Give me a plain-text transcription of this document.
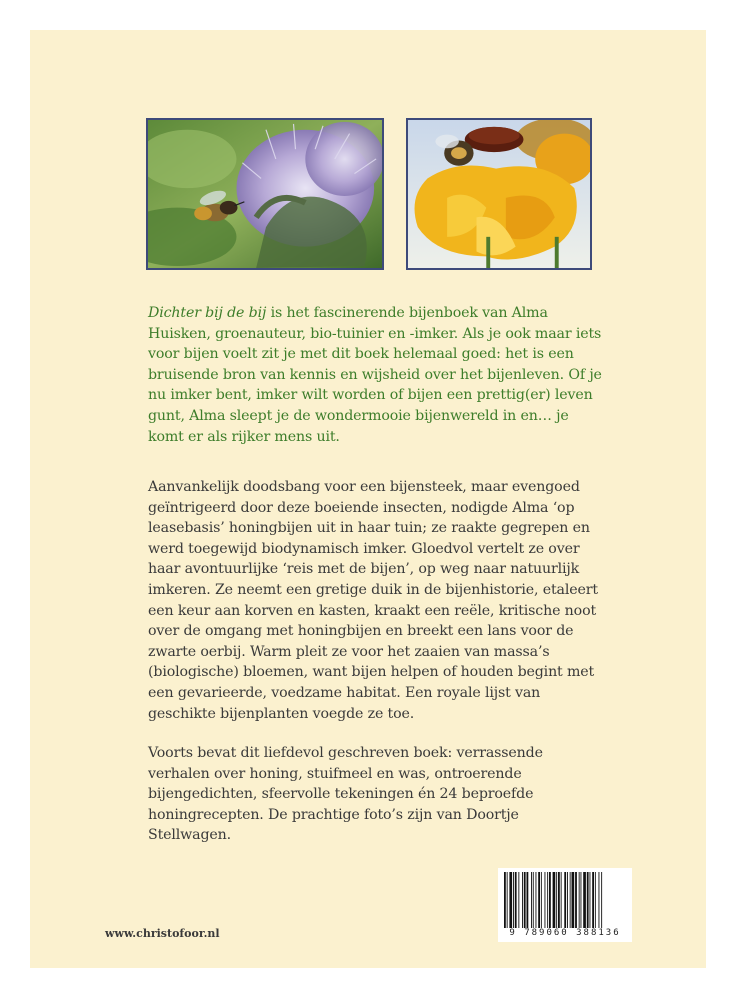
Dichter bij de bij is het fascinerende bijenboek van Alma Huisken, groenauteur, bio-tuinier en -imker. Als je ook maar iets voor bijen voelt zit je met dit boek helemaal goed: het is een bruisende bron van kennis en wijsheid over het bijenleven. Of je nu imker bent, imker wilt worden of bijen een prettig(er) leven gunt, Alma sleept je de wondermooie bijenwereld in en… je komt er als rijker mens uit.

Aanvankelijk doodsbang voor een bijensteek, maar evengoed geïntrigeerd door deze boeiende insecten, nodigde Alma ‘op leasebasis’ honingbijen uit in haar tuin; ze raakte gegrepen en werd toegewijd biodynamisch imker. Gloedvol vertelt ze over haar avontuurlijke ‘reis met de bijen’, op weg naar natuurlijk imkeren. Ze neemt een gretige duik in de bijenhistorie, etaleert een keur aan korven en kasten, kraakt een reële, kritische noot over de omgang met honingbijen en breekt een lans voor de zwarte oerbij. Warm pleit ze voor het zaaien van massa’s (biologische) bloemen, want bijen helpen of houden begint met een gevarieerde, voedzame habitat. Een royale lijst van geschikte bijenplanten voegde ze toe.

Voorts bevat dit liefdevol geschreven boek: verrassende verhalen over honing, stuifmeel en was, ontroerende bijengedichten, sfeervolle tekeningen én 24 beproefde honingrecepten. De prachtige foto’s zijn van Doortje Stellwagen.

www.christofoor.nl	9 789060 388136
